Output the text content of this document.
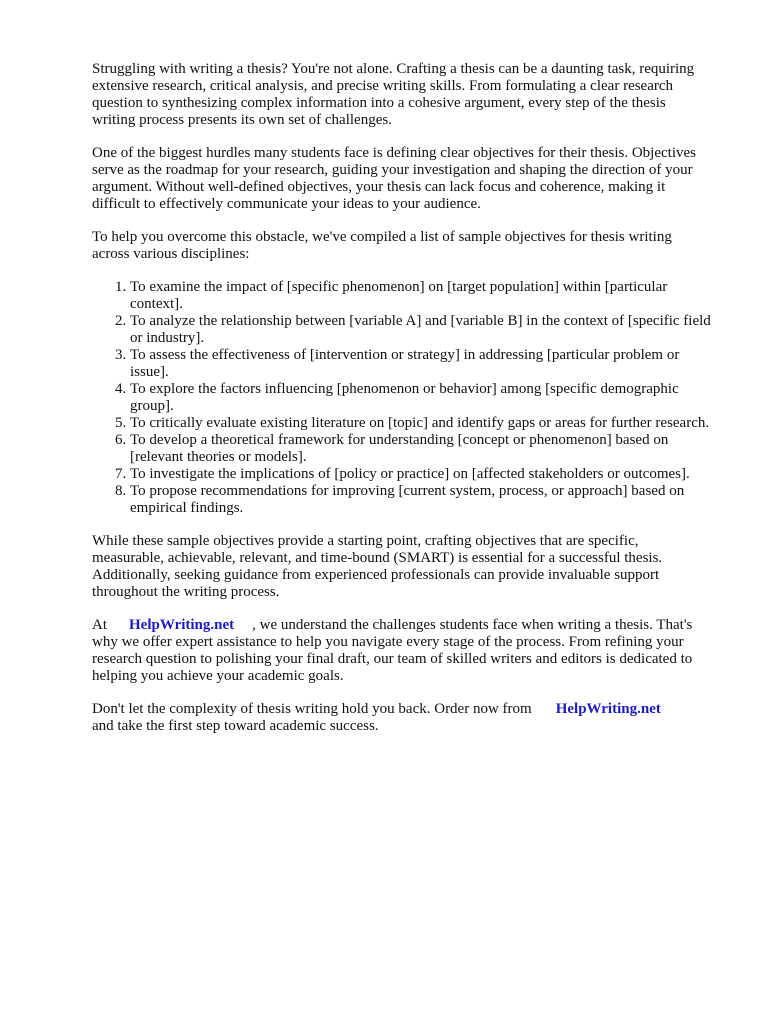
Struggling with writing a thesis? You're not alone. Crafting a thesis can be a daunting task, requiring extensive research, critical analysis, and precise writing skills. From formulating a clear research question to synthesizing complex information into a cohesive argument, every step of the thesis writing process presents its own set of challenges.

One of the biggest hurdles many students face is defining clear objectives for their thesis. Objectives serve as the roadmap for your research, guiding your investigation and shaping the direction of your argument. Without well-defined objectives, your thesis can lack focus and coherence, making it difficult to effectively communicate your ideas to your audience.

To help you overcome this obstacle, we've compiled a list of sample objectives for thesis writing across various disciplines:

1. To examine the impact of [specific phenomenon] on [target population] within [particular context].
2. To analyze the relationship between [variable A] and [variable B] in the context of [specific field or industry].
3. To assess the effectiveness of [intervention or strategy] in addressing [particular problem or issue].
4. To explore the factors influencing [phenomenon or behavior] among [specific demographic group].
5. To critically evaluate existing literature on [topic] and identify gaps or areas for further research.
6. To develop a theoretical framework for understanding [concept or phenomenon] based on [relevant theories or models].
7. To investigate the implications of [policy or practice] on [affected stakeholders or outcomes].
8. To propose recommendations for improving [current system, process, or approach] based on empirical findings.

While these sample objectives provide a starting point, crafting objectives that are specific, measurable, achievable, relevant, and time-bound (SMART) is essential for a successful thesis. Additionally, seeking guidance from experienced professionals can provide invaluable support throughout the writing process.

At HelpWriting.net , we understand the challenges students face when writing a thesis. That's why we offer expert assistance to help you navigate every stage of the process. From refining your research question to polishing your final draft, our team of skilled writers and editors is dedicated to helping you achieve your academic goals.

Don't let the complexity of thesis writing hold you back. Order now from HelpWriting.net
and take the first step toward academic success.
